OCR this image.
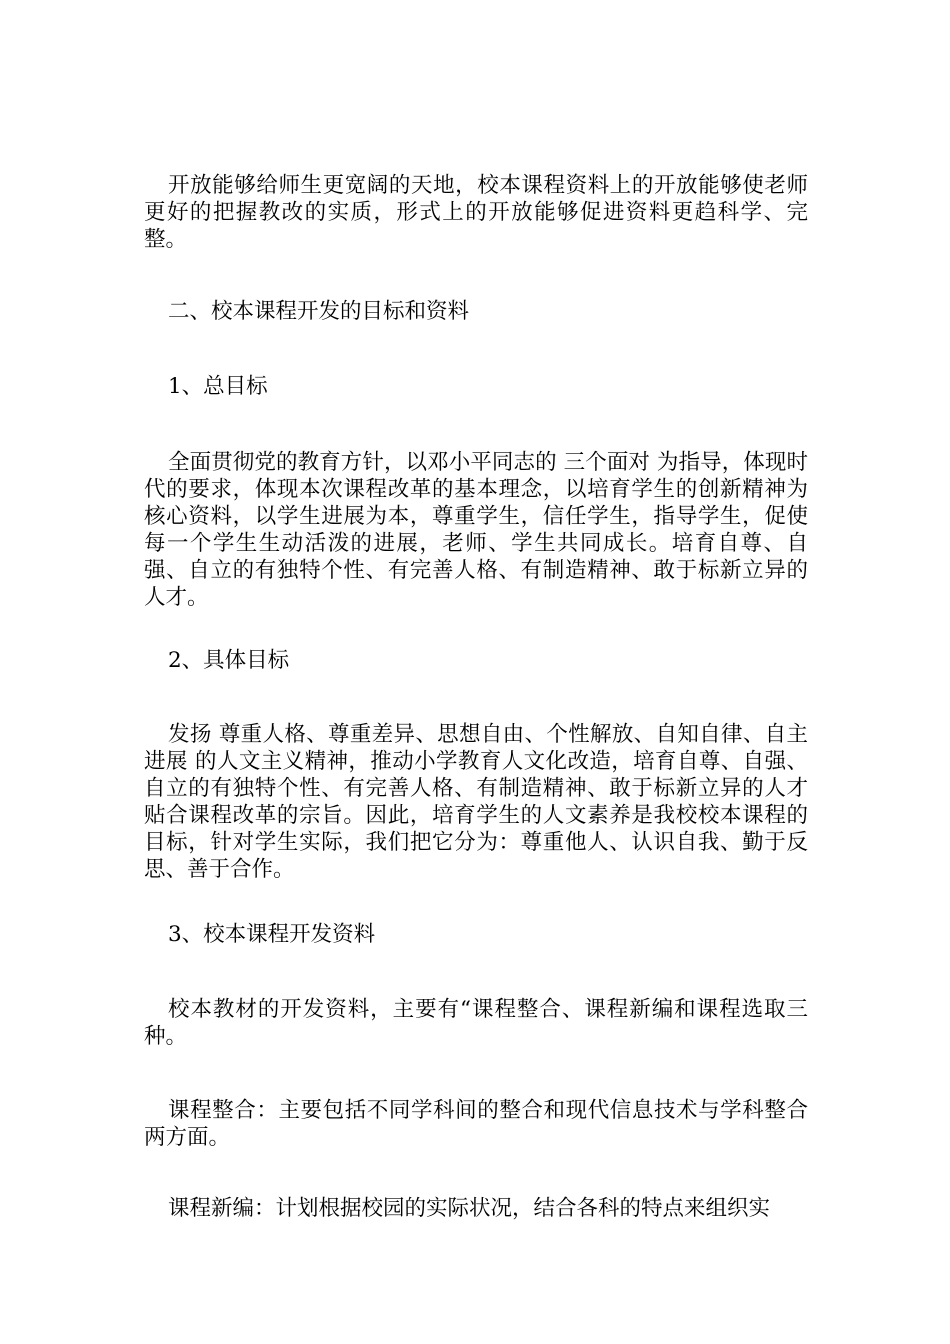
开放能够给师生更宽阔的天地，校本课程资料上的开放能够使老师更好的把握教改的实质，形式上的开放能够促进资料更趋科学、完整。

二、校本课程开发的目标和资料

1、总目标

全面贯彻党的教育方针，以邓小平同志的 三个面对 为指导，体现时代的要求，体现本次课程改革的基本理念，以培育学生的创新精神为核心资料，以学生进展为本，尊重学生，信任学生，指导学生，促使每一个学生生动活泼的进展，老师、学生共同成长。培育自尊、自强、自立的有独特个性、有完善人格、有制造精神、敢于标新立异的人才。

2、具体目标

发扬 尊重人格、尊重差异、思想自由、个性解放、自知自律、自主进展 的人文主义精神，推动小学教育人文化改造，培育自尊、自强、自立的有独特个性、有完善人格、有制造精神、敢于标新立异的人才贴合课程改革的宗旨。因此，培育学生的人文素养是我校校本课程的目标，针对学生实际，我们把它分为：尊重他人、认识自我、勤于反思、善于合作。

3、校本课程开发资料

校本教材的开发资料，主要有“课程整合、课程新编和课程选取三种。

课程整合：主要包括不同学科间的整合和现代信息技术与学科整合两方面。

课程新编：计划根据校园的实际状况，结合各科的特点来组织实
